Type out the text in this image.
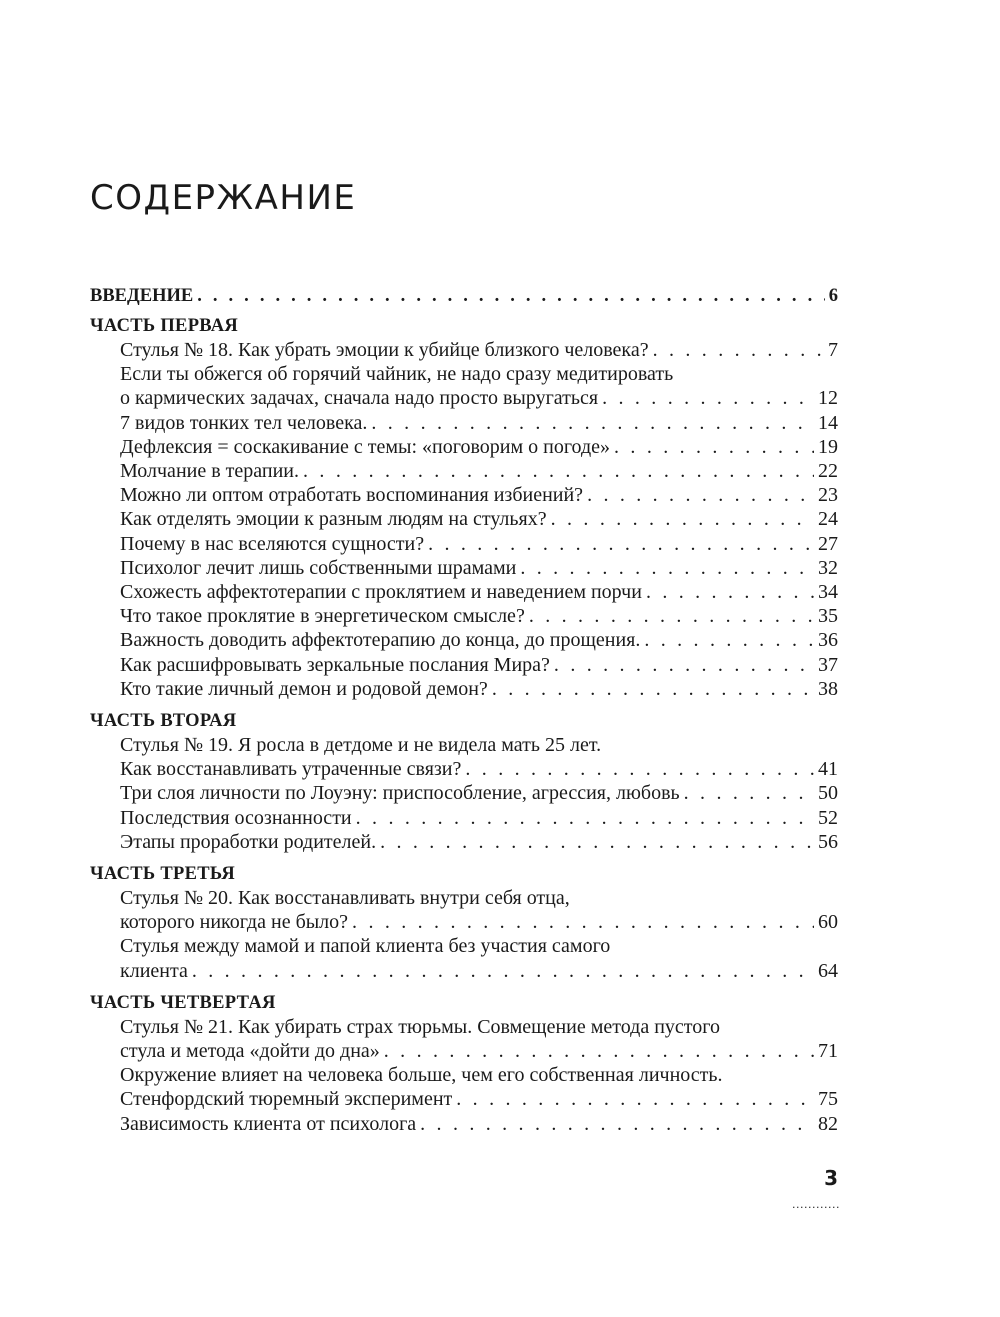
СОДЕРЖАНИЕ
ВВЕДЕНИЕ . . .	6
ЧАСТЬ ПЕРВАЯ
Стулья № 18. Как убрать эмоции к убийце близкого человека? . . .	7
Если ты обжегся об горячий чайник, не надо сразу медитировать
о кармических задачах, сначала надо просто выругаться . . .	12
7 видов тонких тел человека. . . .	14
Дефлексия = соскакивание с темы: «поговорим о погоде» . . .	19
Молчание в терапии. . . .	22
Можно ли оптом отработать воспоминания избиений? . . .	23
Как отделять эмоции к разным людям на стульях? . . .	24
Почему в нас вселяются сущности? . . .	27
Психолог лечит лишь собственными шрамами . . .	32
Схожесть аффектотерапии с проклятием и наведением порчи . . .	34
Что такое проклятие в энергетическом смысле? . . .	35
Важность доводить аффектотерапию до конца, до прощения. . . .	36
Как расшифровывать зеркальные послания Мира? . . .	37
Кто такие личный демон и родовой демон? . . .	38
ЧАСТЬ ВТОРАЯ
Стулья № 19. Я росла в детдоме и не видела мать 25 лет.
Как восстанавливать утраченные связи? . . .	41
Три слоя личности по Лоуэну: приспособление, агрессия, любовь . . .	50
Последствия осознанности . . .	52
Этапы проработки родителей. . . .	56
ЧАСТЬ ТРЕТЬЯ
Стулья № 20. Как восстанавливать внутри себя отца,
которого никогда не было? . . .	60
Стулья между мамой и папой клиента без участия самого
клиента . . .	64
ЧАСТЬ ЧЕТВЕРТАЯ
Стулья № 21. Как убирать страх тюрьмы. Совмещение метода пустого
стула и метода «дойти до дна» . . .	71
Окружение влияет на человека больше, чем его собственная личность.
Стенфордский тюремный эксперимент . . .	75
Зависимость клиента от психолога . . .	82
3
............
